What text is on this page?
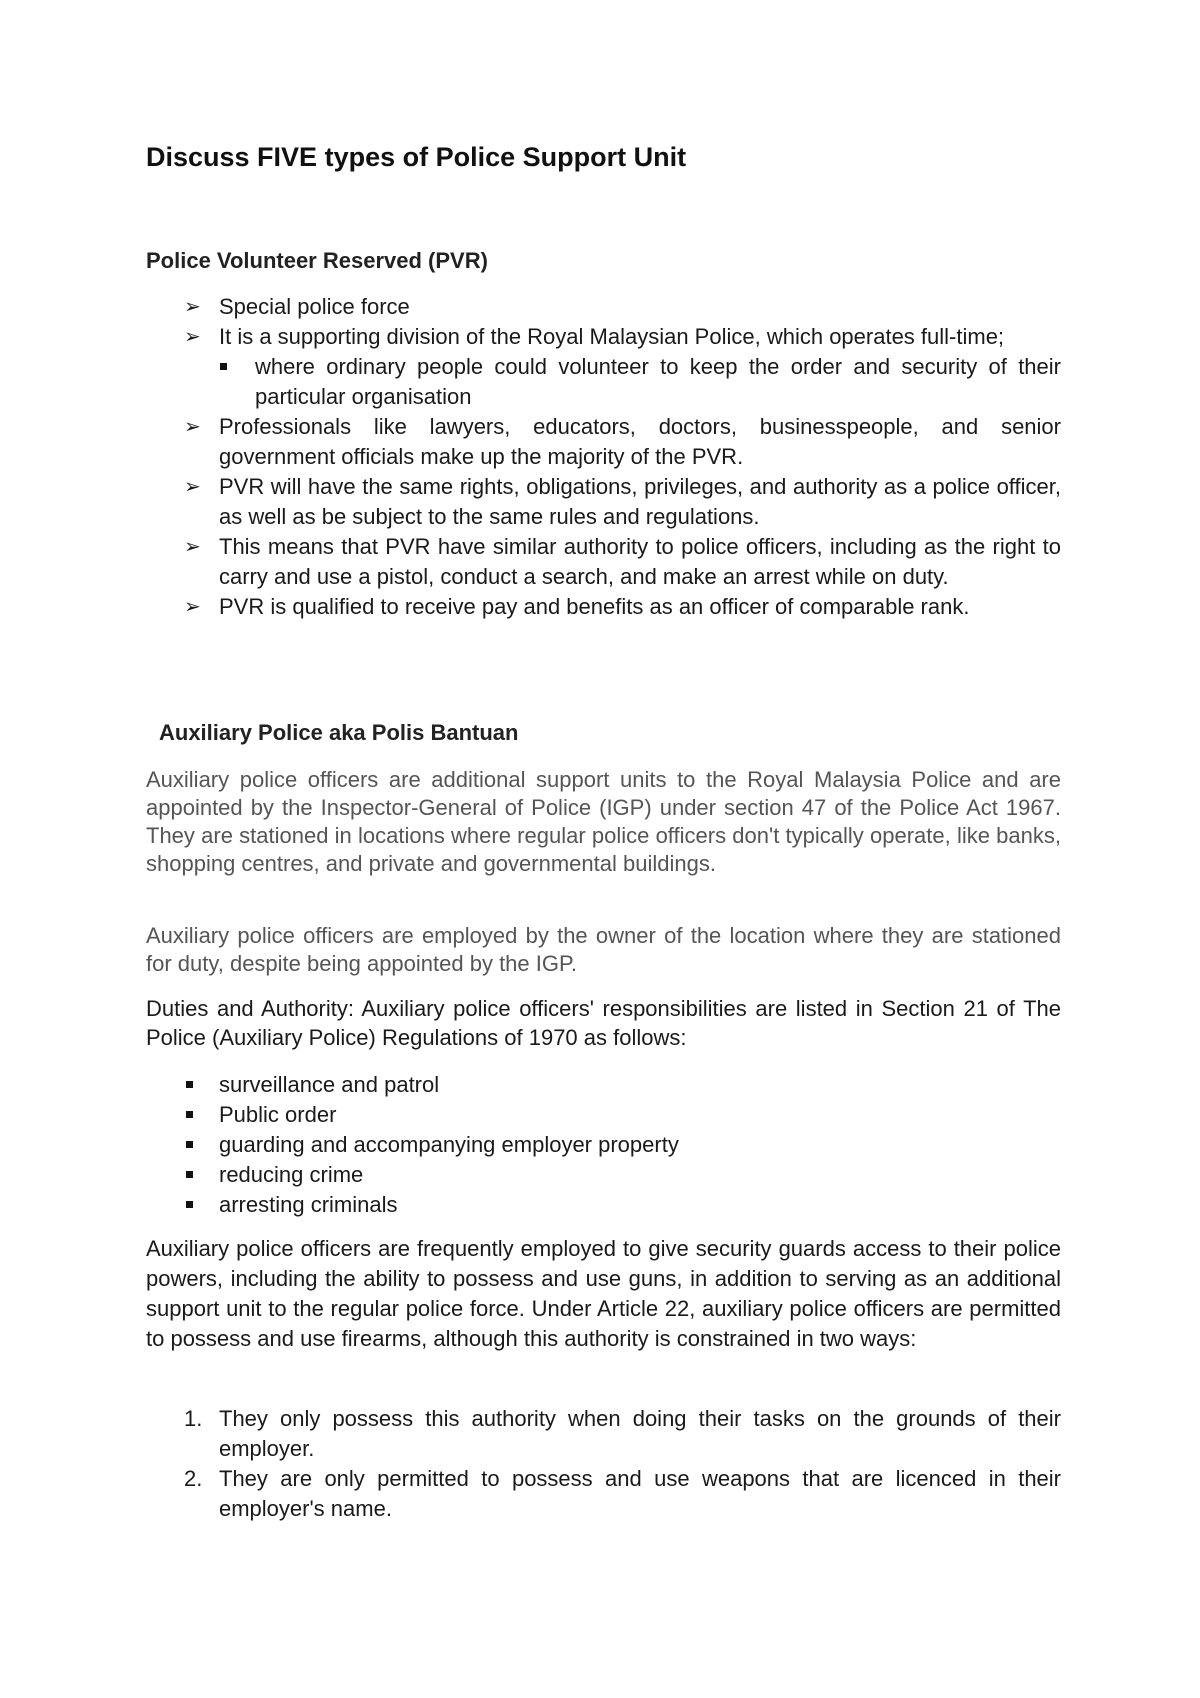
Discuss FIVE types of Police Support Unit
Police Volunteer Reserved (PVR)
➢ Special police force
➢ It is a supporting division of the Royal Malaysian Police, which operates full-time;
where ordinary people could volunteer to keep the order and security of their particular organisation
➢ Professionals like lawyers, educators, doctors, businesspeople, and senior government officials make up the majority of the PVR.
➢ PVR will have the same rights, obligations, privileges, and authority as a police officer, as well as be subject to the same rules and regulations.
➢ This means that PVR have similar authority to police officers, including as the right to carry and use a pistol, conduct a search, and make an arrest while on duty.
➢ PVR is qualified to receive pay and benefits as an officer of comparable rank.
Auxiliary Police aka Polis Bantuan

Auxiliary police officers are additional support units to the Royal Malaysia Police and are appointed by the Inspector-General of Police (IGP) under section 47 of the Police Act 1967. They are stationed in locations where regular police officers don't typically operate, like banks, shopping centres, and private and governmental buildings.

Auxiliary police officers are employed by the owner of the location where they are stationed for duty, despite being appointed by the IGP.

Duties and Authority: Auxiliary police officers' responsibilities are listed in Section 21 of The Police (Auxiliary Police) Regulations of 1970 as follows:

surveillance and patrol
Public order
guarding and accompanying employer property
reducing crime
arresting criminals

Auxiliary police officers are frequently employed to give security guards access to their police powers, including the ability to possess and use guns, in addition to serving as an additional support unit to the regular police force. Under Article 22, auxiliary police officers are permitted to possess and use firearms, although this authority is constrained in two ways:

1. They only possess this authority when doing their tasks on the grounds of their employer.
2. They are only permitted to possess and use weapons that are licenced in their employer's name.
